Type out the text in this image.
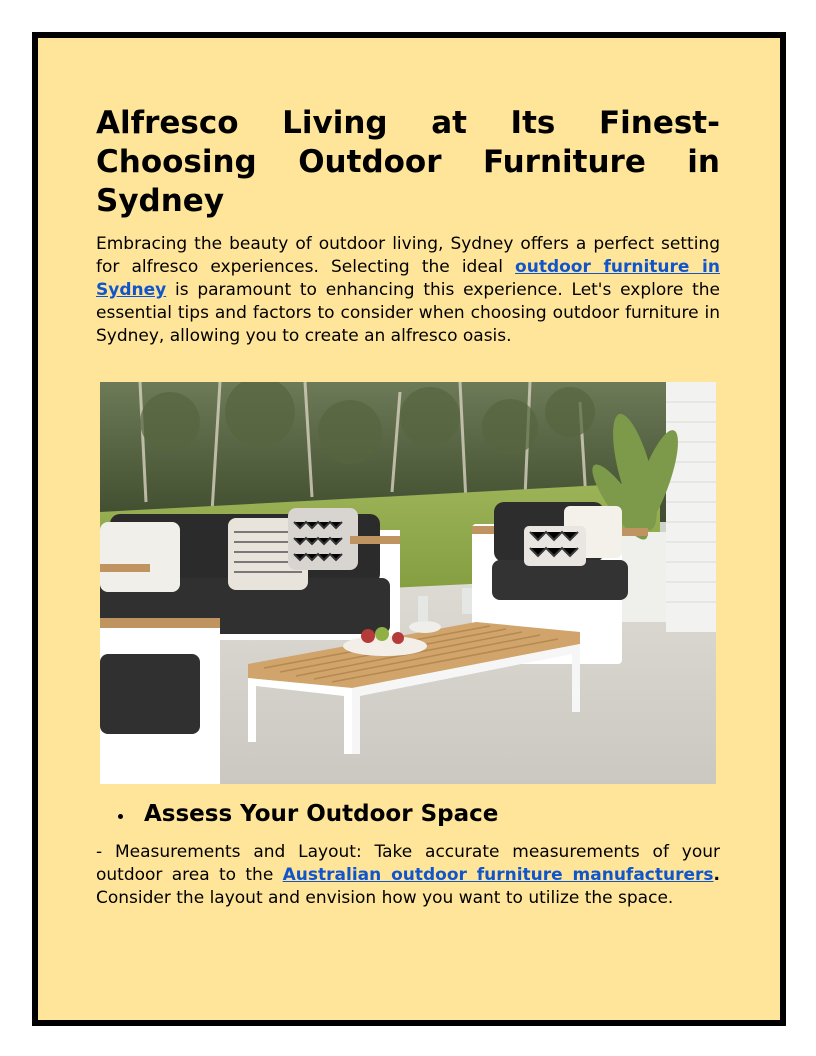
Alfresco Living at Its Finest- Choosing Outdoor Furniture in Sydney

Embracing the beauty of outdoor living, Sydney offers a perfect setting for alfresco experiences. Selecting the ideal outdoor furniture in Sydney is paramount to enhancing this experience. Let's explore the essential tips and factors to consider when choosing outdoor furniture in Sydney, allowing you to create an alfresco oasis.

Assess Your Outdoor Space

- Measurements and Layout: Take accurate measurements of your outdoor area to the Australian outdoor furniture manufacturers. Consider the layout and envision how you want to utilize the space.
